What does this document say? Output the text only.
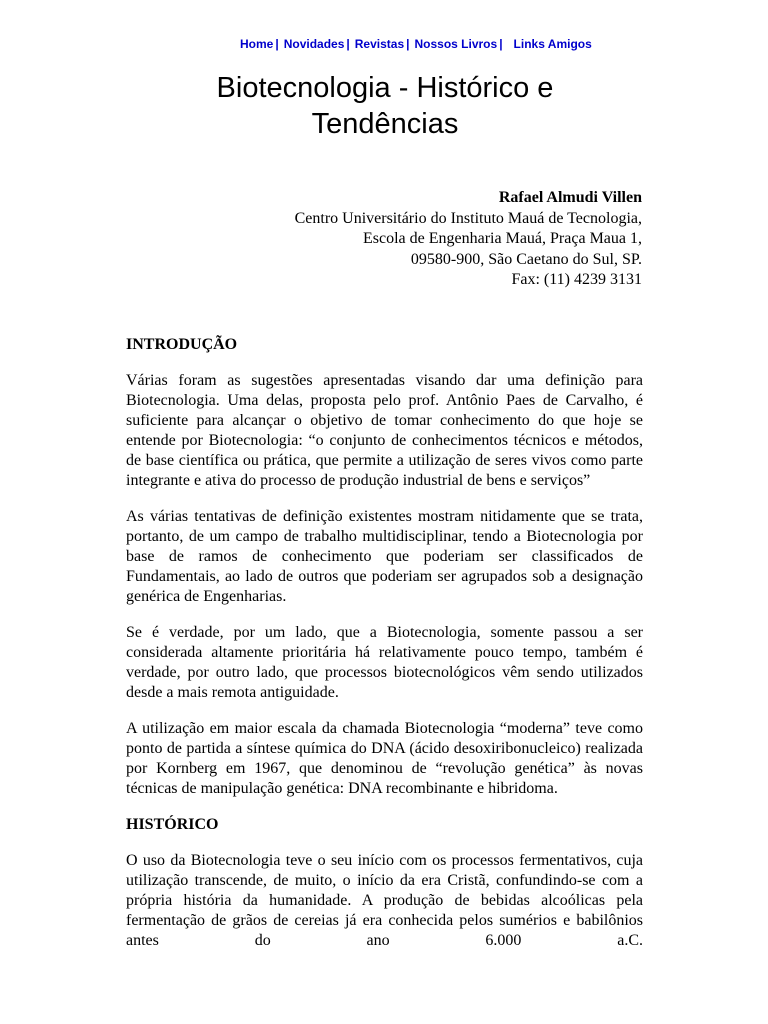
Home | Novidades | Revistas | Nossos Livros | Links Amigos
Biotecnologia - Histórico e Tendências
Rafael Almudi Villen
Centro Universitário do Instituto Mauá de Tecnologia,
Escola de Engenharia Mauá, Praça Maua 1,
09580-900, São Caetano do Sul, SP.
Fax: (11) 4239 3131
INTRODUÇÃO

Várias foram as sugestões apresentadas visando dar uma definição para Biotecnologia. Uma delas, proposta pelo prof. Antônio Paes de Carvalho, é suficiente para alcançar o objetivo de tomar conhecimento do que hoje se entende por Biotecnologia: “o conjunto de conhecimentos técnicos e métodos, de base científica ou prática, que permite a utilização de seres vivos como parte integrante e ativa do processo de produção industrial de bens e serviços”

As várias tentativas de definição existentes mostram nitidamente que se trata, portanto, de um campo de trabalho multidisciplinar, tendo a Biotecnologia por base de ramos de conhecimento que poderiam ser classificados de Fundamentais, ao lado de outros que poderiam ser agrupados sob a designação genérica de Engenharias.

Se é verdade, por um lado, que a Biotecnologia, somente passou a ser considerada altamente prioritária há relativamente pouco tempo, também é verdade, por outro lado, que processos biotecnológicos vêm sendo utilizados desde a mais remota antiguidade.

A utilização em maior escala da chamada Biotecnologia “moderna” teve como ponto de partida a síntese química do DNA (ácido desoxiribonucleico) realizada por Kornberg em 1967, que denominou de “revolução genética” às novas técnicas de manipulação genética: DNA recombinante e hibridoma.

HISTÓRICO

O uso da Biotecnologia teve o seu início com os processos fermentativos, cuja utilização transcende, de muito, o início da era Cristã, confundindo-se com a própria história da humanidade. A produção de bebidas alcoólicas pela fermentação de grãos de cereias já era conhecida pelos sumérios e babilônios antes do ano 6.000 a.C.
